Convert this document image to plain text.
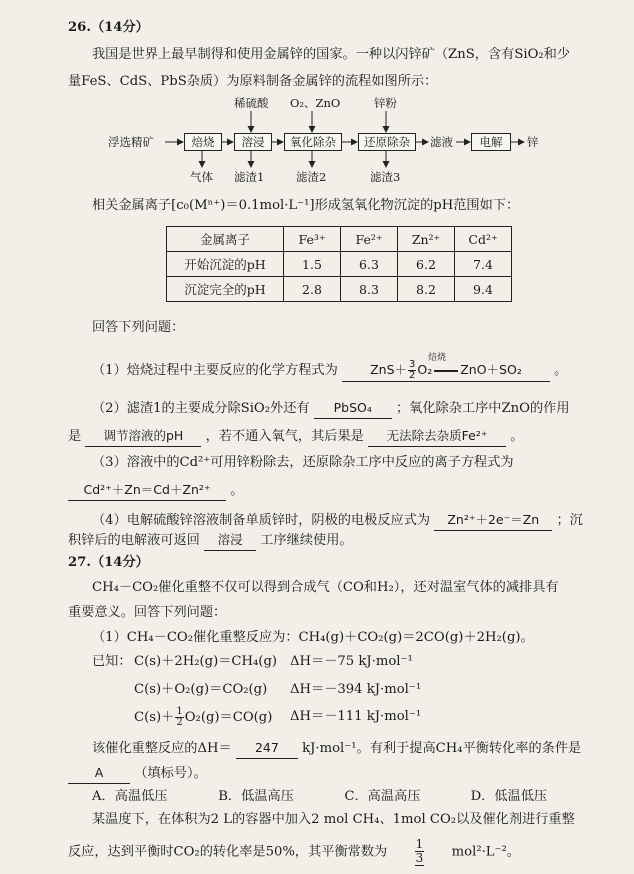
26.（14分）
我国是世界上最早制得和使用金属锌的国家。一种以闪锌矿（ZnS，含有SiO₂和少
量FeS、CdS、PbS杂质）为原料制备金属锌的流程如图所示：
浮选精矿	焙烧	溶浸	氧化除杂	还原除杂	滤液	电解	锌
稀硫酸 O₂、ZnO	锌粉
气体 滤渣1	滤渣2	滤渣3
相关金属离子[c₀(Mⁿ⁺)＝0.1mol·L⁻¹]形成氢氧化物沉淀的pH范围如下：
金属离子	Fe³⁺	Fe²⁺	Zn²⁺	Cd²⁺
开始沉淀的pH	1.5	6.3	6.2	7.4
沉淀完全的pH	2.8	8.3	8.2	9.4
回答下列问题：
（1）焙烧过程中主要反应的化学方程式为
焙烧
$ZnS+ \frac{3}{2} O_2$ ZnO＋SO₂ 。
（2）滤渣1的主要成分除SiO₂外还有 PbSO₄ ；氧化除杂工序中ZnO的作用
是 调节溶液的pH ，若不通入氧气，其后果是 无法除去杂质Fe²⁺ 。
（3）溶液中的Cd²⁺可用锌粉除去，还原除杂工序中反应的离子方程式为
Cd²⁺＋Zn＝Cd＋Zn²⁺ 。
（4）电解硫酸锌溶液制备单质锌时，阴极的电极反应式为 Zn²⁺＋2e⁻＝Zn ；沉
积锌后的电解液可返回 溶浸 工序继续使用。
27.（14分）
CH₄－CO₂催化重整不仅可以得到合成气（CO和H₂），还对温室气体的减排具有
重要意义。回答下列问题：
（1）CH₄－CO₂催化重整反应为：CH₄(g)＋CO₂(g)＝2CO(g)＋2H₂(g)。
已知： C(s)＋2H₂(g)＝CH₄(g) ΔH＝－75 kJ·mol⁻¹
C(s)＋O₂(g)＝CO₂(g) ΔH＝－394 kJ·mol⁻¹
$C(s)+ \frac{1}{2} O_2(g)=CO(g)$ ΔH＝－111 kJ·mol⁻¹
该催化重整反应的ΔH＝ 247 kJ·mol⁻¹。有利于提高CH₄平衡转化率的条件是
A （填标号）。
A．高温低压	B．低温高压	C．高温高压	D．低温低压
某温度下，在体积为2 L的容器中加入2 mol CH₄、1mol CO₂以及催化剂进行重整
反应，达到平衡时CO₂的转化率是50%，其平衡常数为 $\frac{1}{3} mol^2\cdot L^{-2}$。
